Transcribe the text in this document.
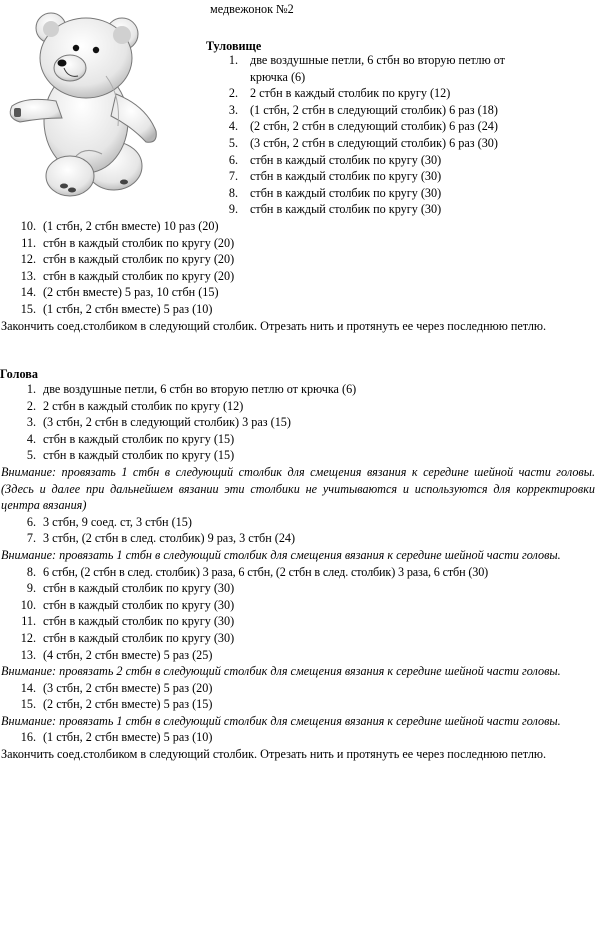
медвежонок №2
Туловище
1. две воздушные петли, 6 стбн во вторую петлю от
крючка (6)
2. 2 стбн в каждый столбик по кругу (12)
3. (1 стбн, 2 стбн в следующий столбик) 6 раз (18)
4. (2 стбн, 2 стбн в следующий столбик) 6 раз (24)
5. (3 стбн, 2 стбн в следующий столбик) 6 раз (30)
6. стбн в каждый столбик по кругу (30)
7. стбн в каждый столбик по кругу (30)
8. стбн в каждый столбик по кругу (30)
9. стбн в каждый столбик по кругу (30)
10. (1 стбн, 2 стбн вместе) 10 раз (20)
11. стбн в каждый столбик по кругу (20)
12. стбн в каждый столбик по кругу (20)
13. стбн в каждый столбик по кругу (20)
14. (2 стбн вместе) 5 раз, 10 стбн (15)
15. (1 стбн, 2 стбн вместе) 5 раз (10)
Закончить соед.столбиком в следующий столбик. Отрезать нить и протянуть ее через последнюю петлю.
Голова
1. две воздушные петли, 6 стбн во вторую петлю от крючка (6)
2. 2 стбн в каждый столбик по кругу (12)
3. (3 стбн, 2 стбн в следующий столбик) 3 раз (15)
4. стбн в каждый столбик по кругу (15)
5. стбн в каждый столбик по кругу (15)
Внимание: провязать 1 стбн в следующий столбик для смещения вязания к середине шейной части головы. (Здесь и далее при дальнейшем вязании эти столбики не учитываются и используются для корректировки центра вязания)
6. 3 стбн, 9 соед. ст, 3 стбн (15)
7. 3 стбн, (2 стбн в след. столбик) 9 раз, 3 стбн (24)
Внимание: провязать 1 стбн в следующий столбик для смещения вязания к середине шейной части головы.
8. 6 стбн, (2 стбн в след. столбик) 3 раза, 6 стбн, (2 стбн в след. столбик) 3 раза, 6 стбн (30)
9. стбн в каждый столбик по кругу (30)
10. стбн в каждый столбик по кругу (30)
11. стбн в каждый столбик по кругу (30)
12. стбн в каждый столбик по кругу (30)
13. (4 стбн, 2 стбн вместе) 5 раз (25)
Внимание: провязать 2 стбн в следующий столбик для смещения вязания к середине шейной части головы.
14. (3 стбн, 2 стбн вместе) 5 раз (20)
15. (2 стбн, 2 стбн вместе) 5 раз (15)
Внимание: провязать 1 стбн в следующий столбик для смещения вязания к середине шейной части головы.
16. (1 стбн, 2 стбн вместе) 5 раз (10)
Закончить соед.столбиком в следующий столбик. Отрезать нить и протянуть ее через последнюю петлю.
